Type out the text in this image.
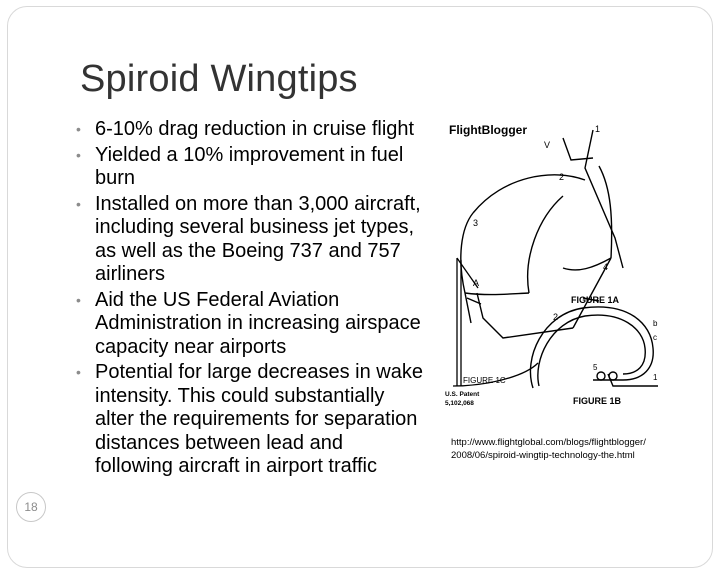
Spiroid Wingtips
• 6-10% drag reduction in cruise flight
• Yielded a 10% improvement in fuel burn
• Installed on more than 3,000 aircraft, including several business jet types, as well as the Boeing 737 and 757 airliners
• Aid the US Federal Aviation Administration in increasing airspace capacity near airports
• Potential for large decreases in wake intensity. This could substantially alter the requirements for separation distances between lead and following aircraft in airport traffic
FlightBlogger
V
1
2
3
4
A
2
FIGURE 1A
FIGURE 1C
b
c
5
1
FIGURE 1B
U.S. Patent
5,102,068
http://www.flightglobal.com/blogs/flightblogger/2008/06/spiroid-wingtip-technology-the.html
18
